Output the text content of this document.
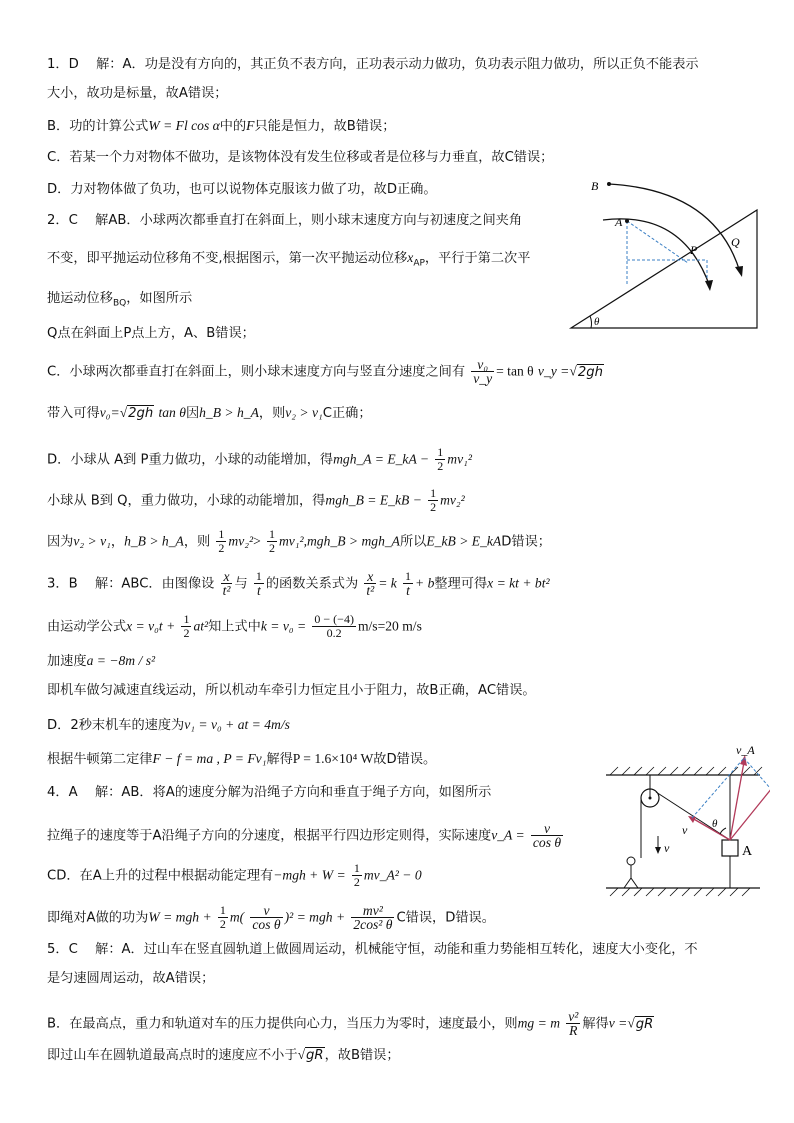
1．D　 解：A．功是没有方向的，其正负不表方向，正功表示动力做功，负功表示阻力做功，所以正负不能表示
大小，故功是标量，故A错误；
B．功的计算公式W = Fl cos α中的F只能是恒力，故B错误；
C．若某一个力对物体不做功，是该物体没有发生位移或者是位移与力垂直，故C错误；
D．力对物体做了负功，也可以说物体克服该力做了功，故D正确。
2．C　 解AB．小球两次都垂直打在斜面上，则小球末速度方向与初速度之间夹角
不变，即平抛运动位移角不变,根据图示，第一次平抛运动位移$x_{AP}$，平行于第二次平
抛运动位移$_{BQ}$，如图所示
Q点在斜面上P点上方，A、B错误；
C．小球两次都垂直打在斜面上，则小球末速度方向与竖直分速度之间有 $\frac{\text{v₀}}{v\_y} = \tan \theta$ v_y =√2gh
带入可得v₀=√2gh tan θ因h_B > h_A，则v₂ > v₁C正确；
D．小球从 A到 P重力做功，小球的动能增加，得mgh_A = E_kA − $\frac{1}{2} mv_1^2$
小球从 B到 Q，重力做功，小球的动能增加，得mgh_B = E_kB − $\frac{1}{2} mv_2^2$
因为v₂ > v₁，h_B > h_A，则 $\frac{1}{2} mv_2^2> \frac{1}{2}$ mv₁²,mgh_B > mgh_A所以E_kB > E_kAD错误；
3．B　 解：ABC．由图像设 $\frac{x}{\text{t²}}$ 与 $\frac{1}{t}$ 的函数关系式为 $\frac{x}{\text{t²}} = k \frac{1}{t} + b$整理可得x = kt + bt²
由运动学公式$x = v_0t + \frac{1}{2} at^2$知上式中$k = v_0 = \frac{0 - (-4)}{0.2} m/s=20$ m/s
加速度a = −8m / s²
即机车做匀减速直线运动，所以机动车牵引力恒定且小于阻力，故B正确，AC错误。
D．2秒末机车的速度为v₁ = v₀ + at = 4m/s
根据牛顿第二定律F − f = ma , P = Fv₁解得P = 1.6×10⁴ W故D错误。
4．A　 解：AB．将A的速度分解为沿绳子方向和垂直于绳子方向，如图所示
拉绳子的速度等于A沿绳子方向的分速度，根据平行四边形定则得，实际速度v_A = $\frac{v}{\text{cos θ}}$
CD．在A上升的过程中根据动能定理有$-mgh + W = \frac{1}{2}$ mv_A² − 0
即绳对A做的功为W = mgh + $\frac{1}{2} m( \frac{v}{\text{cos θ}} )^2$ = mgh + $\frac{\text{mv²}}{\text{2cos² θ}}$ C错误，D错误。
5．C　 解：A．过山车在竖直圆轨道上做圆周运动，机械能守恒，动能和重力势能相互转化，速度大小变化，不
是匀速圆周运动，故A错误；
B．在最高点，重力和轨道对车的压力提供向心力，当压力为零时，速度最小，则mg = m $\frac{\text{v²}}{R}$ 解得v =√gR
即过山车在圆轨道最高点时的速度应不小于√gR，故B错误；
B
A
P
Q
θ
v	A
θ
v_A
v
